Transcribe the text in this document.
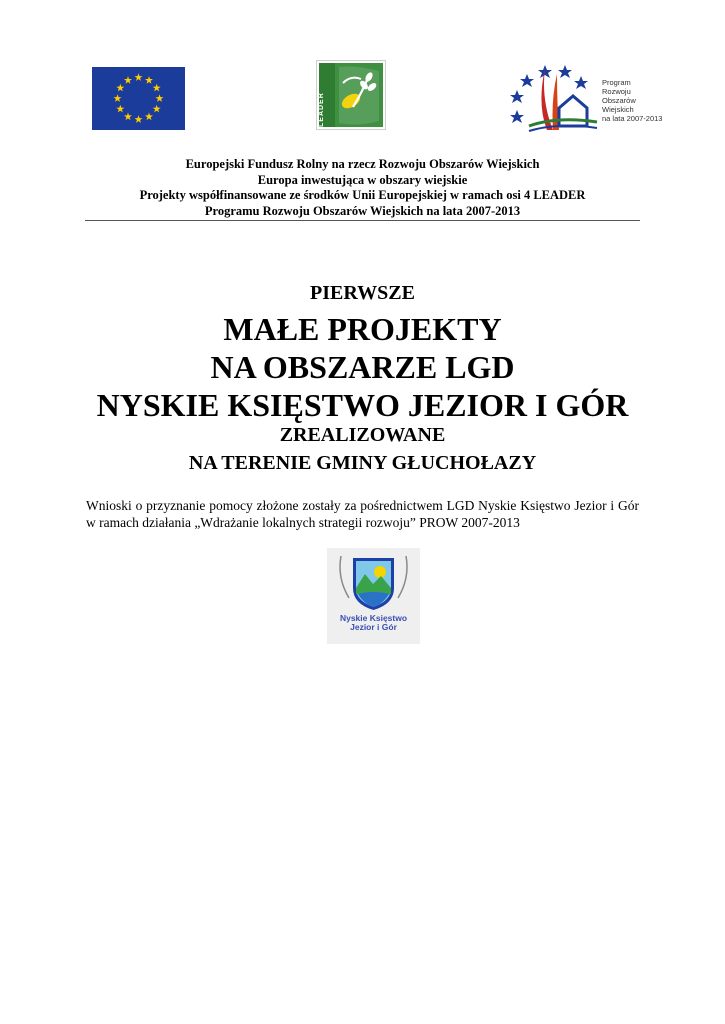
LEADER
Program
Rozwoju
Obszarów
Wiejskich
na lata 2007-2013
Europejski Fundusz Rolny na rzecz Rozwoju Obszarów Wiejskich
Europa inwestująca w obszary wiejskie
Projekty współfinansowane ze środków Unii Europejskiej w ramach osi 4 LEADER
Programu Rozwoju Obszarów Wiejskich na lata 2007-2013
PIERWSZE
MAŁE PROJEKTY
NA OBSZARZE LGD
NYSKIE KSIĘSTWO JEZIOR I GÓR
ZREALIZOWANE
NA TERENIE GMINY GŁUCHOŁAZY
Wnioski o przyznanie pomocy złożone zostały za pośrednictwem LGD Nyskie Księstwo Jezior i Gór w ramach działania „Wdrażanie lokalnych strategii rozwoju” PROW 2007-2013
Nyskie Księstwo
Jezior i Gór
